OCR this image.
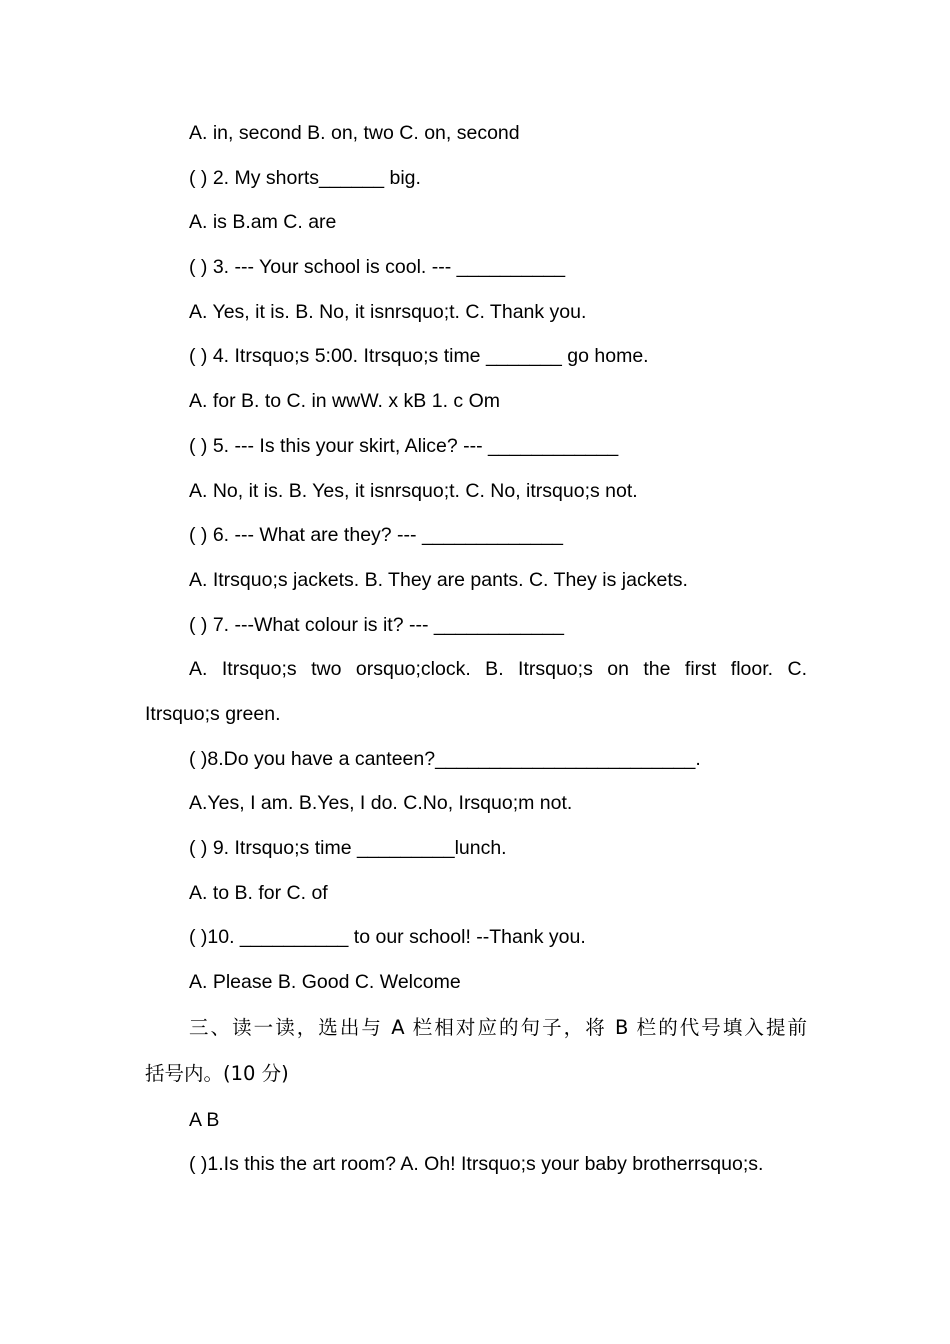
A. in, second B. on, two C. on, second
( ) 2. My shorts______ big.
A. is B.am C. are
( ) 3. --- Your school is cool. --- __________
A. Yes, it is. B. No, it isnrsquo;t. C. Thank you.
( ) 4. Itrsquo;s 5:00. Itrsquo;s time _______ go home.
A. for B. to C. in wwW. x kB 1. c Om
( ) 5. --- Is this your skirt, Alice? --- ____________
A. No, it is. B. Yes, it isnrsquo;t. C. No, itrsquo;s not.
( ) 6. --- What are they? --- _____________
A. Itrsquo;s jackets. B. They are pants. C. They is jackets.
( ) 7. ---What colour is it? --- ____________
A. Itrsquo;s two orsquo;clock. B. Itrsquo;s on the first floor. C.
Itrsquo;s green.
( )8.Do you have a canteen?________________________.
A.Yes, I am. B.Yes, I do. C.No, Irsquo;m not.
( ) 9. Itrsquo;s time _________lunch.
A. to B. for C. of
( )10. __________ to our school! --Thank you.
A. Please B. Good C. Welcome
三、读一读，选出与 A 栏相对应的句子，将 B 栏的代号填入提前
括号内。(10 分)
A B
( )1.Is this the art room? A. Oh! Itrsquo;s your baby brotherrsquo;s.
